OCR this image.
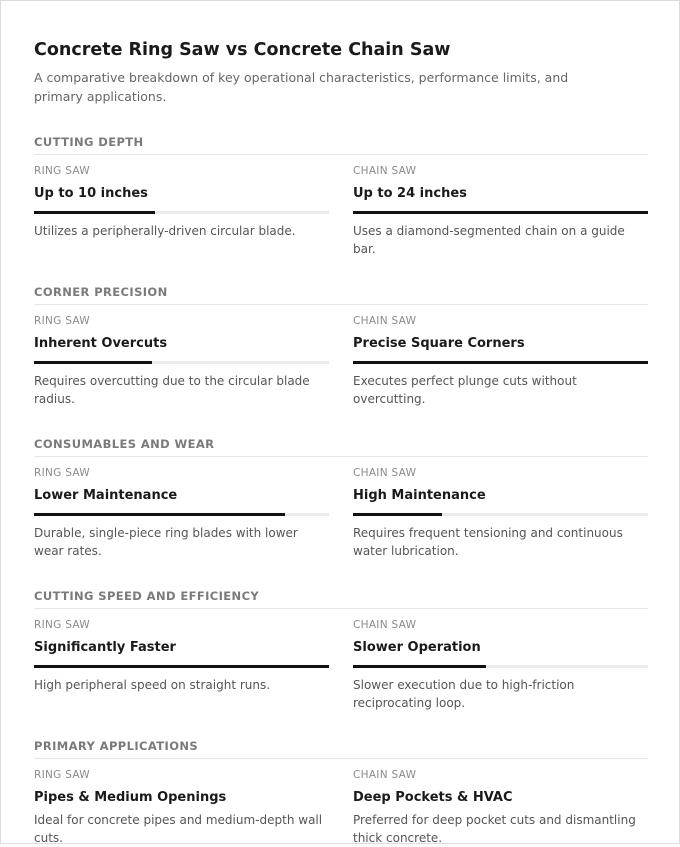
Concrete Ring Saw vs Concrete Chain Saw

A comparative breakdown of key operational characteristics, performance limits, and primary applications.

CUTTING DEPTH
RING SAW
Up to 10 inches
Utilizes a peripherally-driven circular blade.
CHAIN SAW
Up to 24 inches
Uses a diamond-segmented chain on a guide bar.
CORNER PRECISION
RING SAW
Inherent Overcuts
Requires overcutting due to the circular blade radius.
CHAIN SAW
Precise Square Corners
Executes perfect plunge cuts without overcutting.
CONSUMABLES AND WEAR
RING SAW
Lower Maintenance
Durable, single-piece ring blades with lower wear rates.
CHAIN SAW
High Maintenance
Requires frequent tensioning and continuous water lubrication.
CUTTING SPEED AND EFFICIENCY
RING SAW
Significantly Faster
High peripheral speed on straight runs.
CHAIN SAW
Slower Operation
Slower execution due to high-friction reciprocating loop.
PRIMARY APPLICATIONS
RING SAW
Pipes & Medium Openings
Ideal for concrete pipes and medium-depth wall cuts.
CHAIN SAW
Deep Pockets & HVAC
Preferred for deep pocket cuts and dismantling thick concrete.
